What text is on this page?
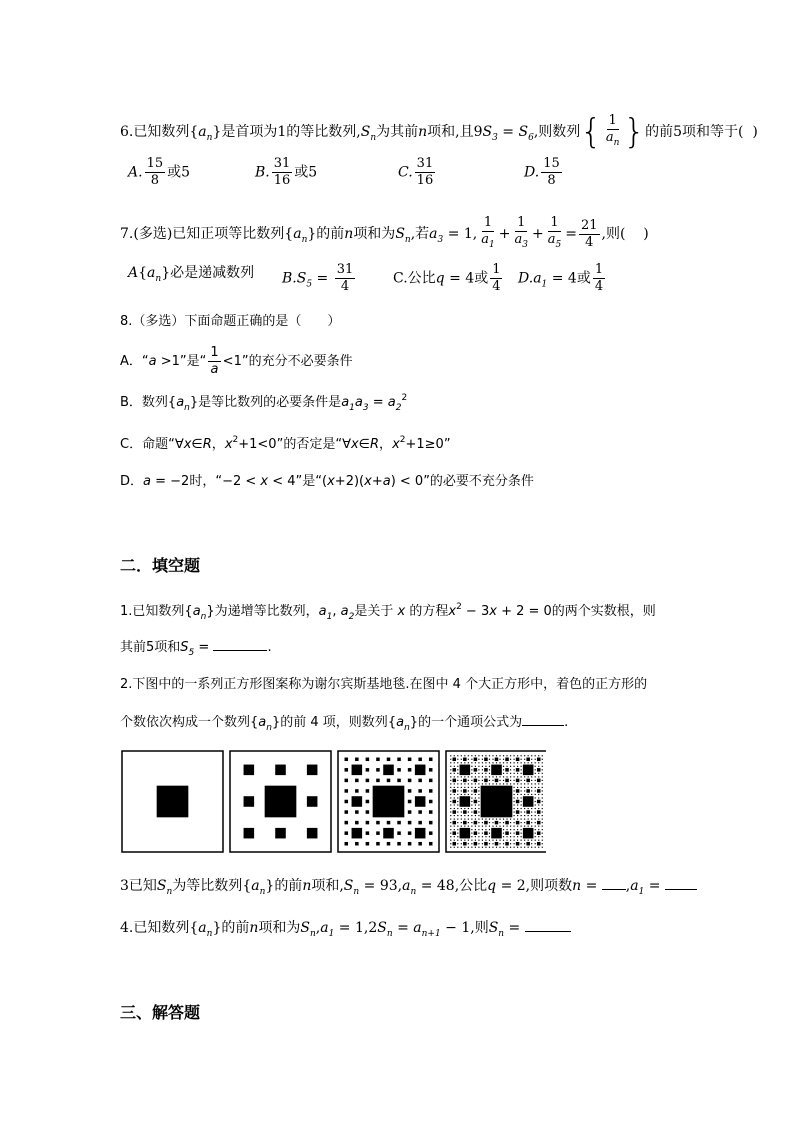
6.已知数列$\{a_n\}$是首项为1的等比数列$,S_n$为其前n项和,且$9S_3 = S_6$,则数列{ $\frac{1}{a_n}$ }的前5项和等于( )
A. $\frac{15}{8}$ 或5	B. $\frac{31}{16}$ 或5	C. $\frac{31}{16}$	D. $\frac{15}{8}$
7.(多选)已知正项等比数列$\{a_n\}$的前n项和为$S_n$,若$a_3 = 1$, $\frac{1}{a_1} + \frac{1}{a_3} + \frac{1}{a_5} = \frac{21}{4}$ ,则( )
$A\{a_n\}$必是递减数列 $B.S_5 = \frac{31}{4}$	C.公比q = 4或 $\frac{1}{4} D.a_1 = 4$或 $\frac{1}{4}$
8.（多选）下面命题正确的是（　　）
A．“a >1”是“ $\frac{1}{a} <1$”的充分不必要条件
B．数列$\{a_n\}$是等比数列的必要条件是$a_1a_3 = a_2^2$
C．命题“∀x∈R，$x^2+1<0$”的否定是“∀x∈R，$x^2+1\ge 0$”
D．a = −2时，“−2 < x < 4”是“(x+2)(x+a) < 0”的必要不充分条件
二．填空题
1.已知数列$\{a_n\}$为递增等比数列，$a_1$, $a_2$是关于 x 的方程$x^2 - 3x + 2 = 0$的两个实数根，则
其前5项和$S_5$ =	.
2.下图中的一系列正方形图案称为谢尔宾斯基地毯.在图中 4 个大正方形中，着色的正方形的
个数依次构成一个数列$\{a_n\}$的前 4 项，则数列$\{a_n\}$的一个通项公式为	.
3已知$S_n$为等比数列$\{a_n\}$的前n项和$,S_n = 93,a_n = 48$,公比q = 2,则项数$n = ,a_1$ =
4.已知数列$\{a_n\}$的前n项和为$S_n,a_1 = 1,2S_n = a_{n+1} - 1$,则$S_n$ =
三、解答题
